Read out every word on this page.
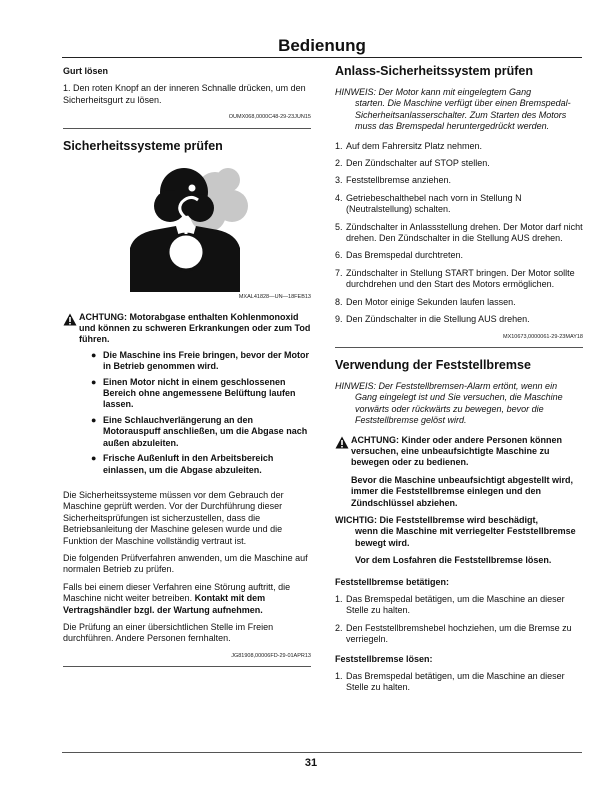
Bedienung
Gurt lösen

1. Den roten Knopf an der inneren Schnalle drücken, um den Sicherheitsgurt zu lösen.

OUMX068,0000C48-29-23JUN15
Sicherheitssysteme prüfen
MXAL41828—UN—18FEB13
ACHTUNG: Motorabgase enthalten Kohlenmonoxid und können zu schweren Erkrankungen oder zum Tod führen.
● Die Maschine ins Freie bringen, bevor der Motor in Betrieb genommen wird.
● Einen Motor nicht in einem geschlossenen Bereich ohne angemessene Belüftung laufen lassen.
● Eine Schlauchverlängerung an den Motorauspuff anschließen, um die Abgase nach außen abzuleiten.
● Frische Außenluft in den Arbeitsbereich einlassen, um die Abgase abzuleiten.

Die Sicherheitssysteme müssen vor dem Gebrauch der Maschine geprüft werden. Vor der Durchführung dieser Sicherheitsprüfungen ist sicherzustellen, dass die Betriebsanleitung der Maschine gelesen wurde und die Funktion der Maschine vollständig vertraut ist.

Die folgenden Prüfverfahren anwenden, um die Maschine auf normalen Betrieb zu prüfen.

Falls bei einem dieser Verfahren eine Störung auftritt, die Maschine nicht weiter betreiben. Kontakt mit dem Vertragshändler bzgl. der Wartung aufnehmen.

Die Prüfung an einer übersichtlichen Stelle im Freien durchführen. Andere Personen fernhalten.

JG81908,00006FD-29-01APR13
Anlass-Sicherheitssystem prüfen
HINWEIS: Der Motor kann mit eingelegtem Gang
starten. Die Maschine verfügt über einen Bremspedal-Sicherheitsanlasserschalter. Zum Starten des Motors muss das Bremspedal heruntergedrückt werden.
1. Auf dem Fahrersitz Platz nehmen.
2. Den Zündschalter auf STOP stellen.
3. Feststellbremse anziehen.
4. Getriebeschalthebel nach vorn in Stellung N (Neutralstellung) schalten.
5. Zündschalter in Anlassstellung drehen. Der Motor darf nicht drehen. Den Zündschalter in die Stellung AUS drehen.
6. Das Bremspedal durchtreten.
7. Zündschalter in Stellung START bringen. Der Motor sollte durchdrehen und den Start des Motors ermöglichen.
8. Den Motor einige Sekunden laufen lassen.
9. Den Zündschalter in die Stellung AUS drehen.
MX10673,0000061-29-23MAY18
Verwendung der Feststellbremse
HINWEIS: Der Feststellbremsen-Alarm ertönt, wenn ein
Gang eingelegt ist und Sie versuchen, die Maschine vorwärts oder rückwärts zu bewegen, bevor die Feststellbremse gelöst wird.
ACHTUNG: Kinder oder andere Personen können versuchen, eine unbeaufsichtigte Maschine zu bewegen oder zu bedienen.
Bevor die Maschine unbeaufsichtigt abgestellt wird, immer die Feststellbremse einlegen und den Zündschlüssel abziehen.
WICHTIG: Die Feststellbremse wird beschädigt,
wenn die Maschine mit verriegelter Feststellbremse bewegt wird.
Vor dem Losfahren die Feststellbremse lösen.
Feststellbremse betätigen:
1. Das Bremspedal betätigen, um die Maschine an dieser Stelle zu halten.
2. Den Feststellbremshebel hochziehen, um die Bremse zu verriegeln.
Feststellbremse lösen:
1. Das Bremspedal betätigen, um die Maschine an dieser Stelle zu halten.
31
